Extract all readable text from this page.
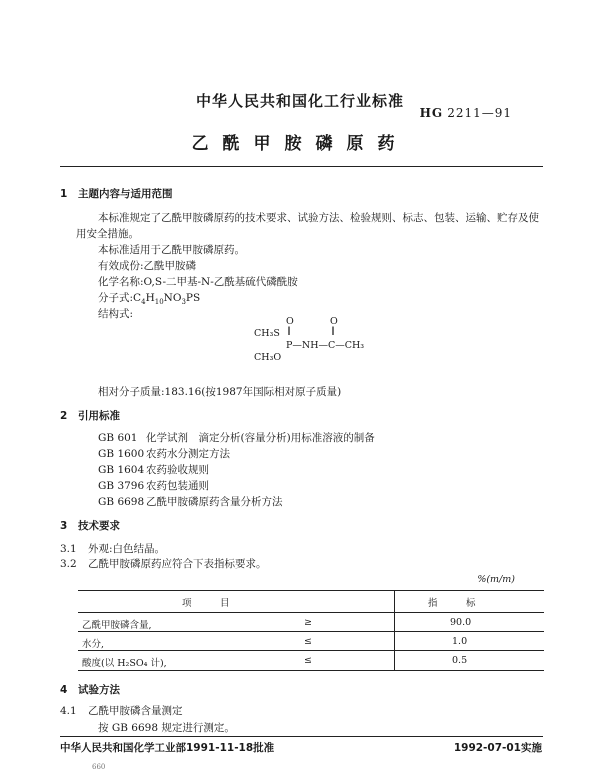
中华人民共和国化工行业标准
HG 2211—91
乙酰甲胺磷原药
1 主题内容与适用范围
本标准规定了乙酰甲胺磷原药的技术要求、试验方法、检验规则、标志、包装、运输、贮存及使用安全措施。
本标准适用于乙酰甲胺磷原药。
有效成份:乙酰甲胺磷
化学名称:O,S-二甲基-N-乙酰基硫代磷酰胺
分子式$:C_4H_{10}NO_3PS$
结构式:
O	O
‖	‖
CH₃S
P—NH—C—CH₃
CH₃O
相对分子质量:183.16(按1987年国际相对原子质量)
2 引用标准
GB 601 化学试剂　滴定分析(容量分析)用标准溶液的制备
GB 1600 农药水分测定方法
GB 1604 农药验收规则
GB 3796 农药包装通则
GB 6698 乙酰甲胺磷原药含量分析方法
3 技术要求
3.1 外观:白色结晶。
3.2 乙酰甲胺磷原药应符合下表指标要求。
%(m/m)
项　　　目	指　　　标
乙酰甲胺磷含量,	≥	90.0
水分,	≤	1.0
酸度(以 H₂SO₄ 计),	≤	0.5
4 试验方法
4.1 乙酰甲胺磷含量测定
按 GB 6698 规定进行测定。
中华人民共和国化学工业部1991-11-18批准	1992-07-01实施
660
